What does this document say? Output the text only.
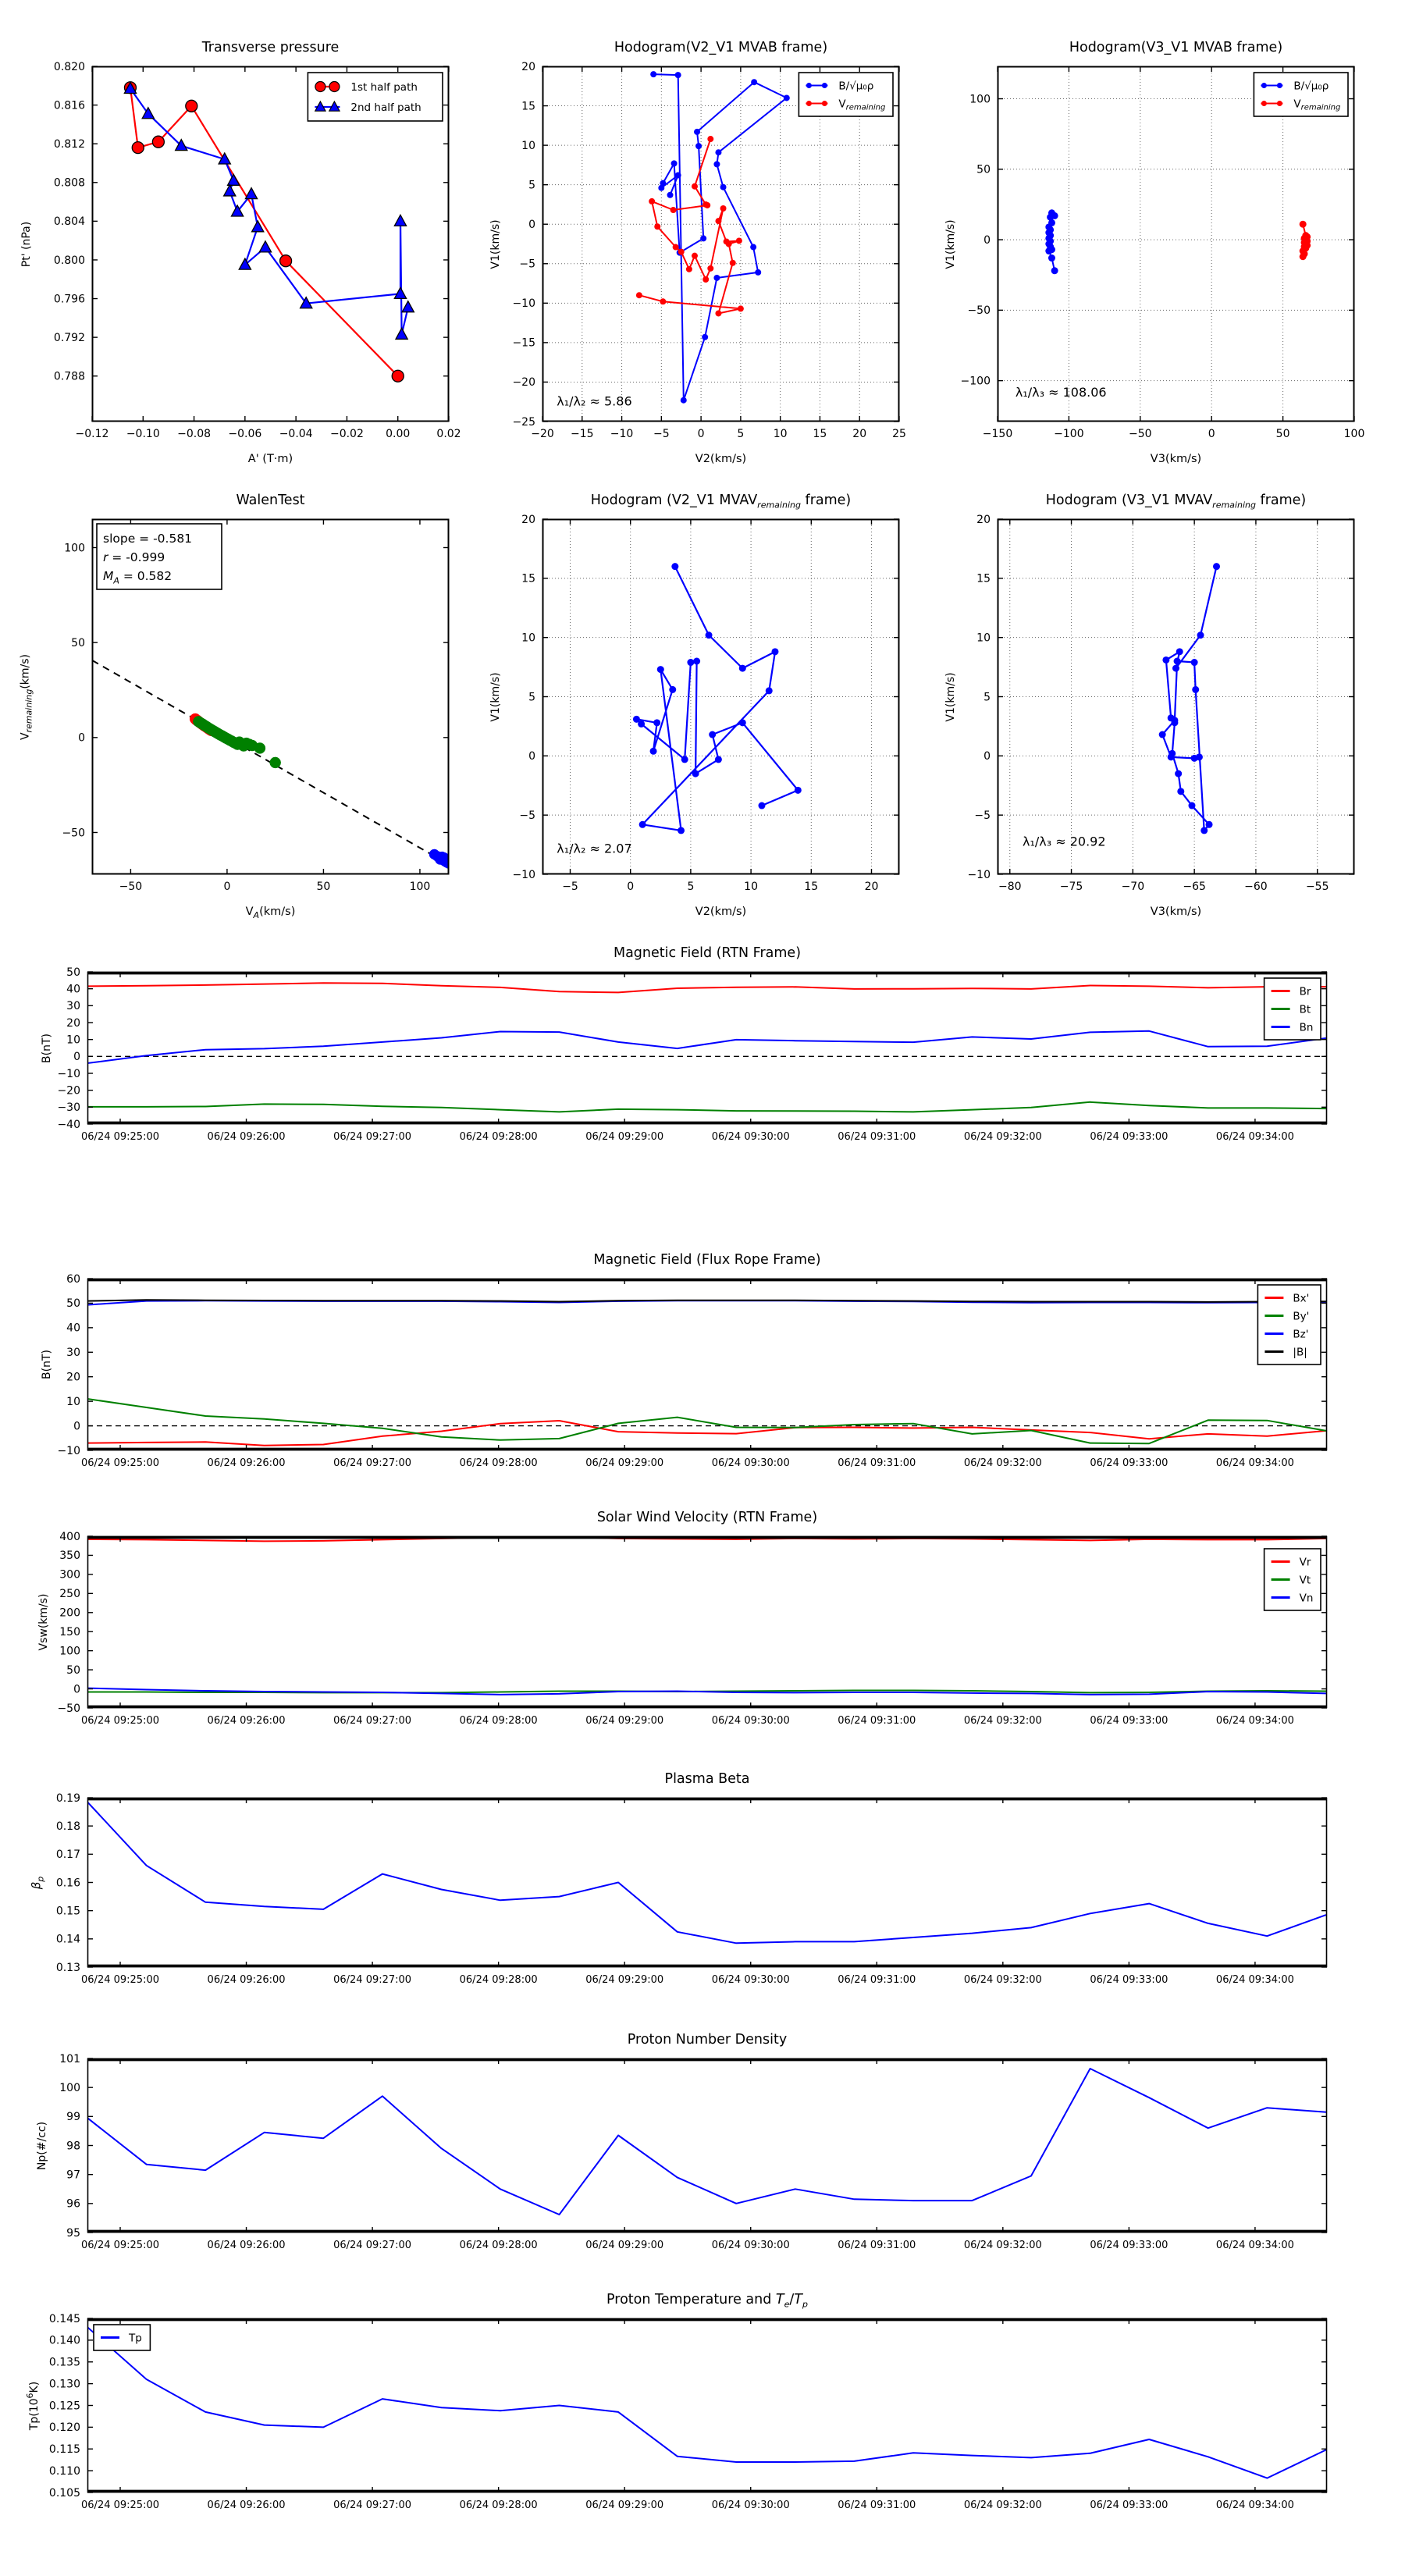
Transverse pressure
Pt' (nPa)
A' (T·m)
−0.12 −0.10 −0.08 −0.06 −0.04 −0.02 0.00 0.02
0.788
0.792
0.796
0.800
0.804
0.808
0.812
0.816
0.820
1st half path
2nd half path
Hodogram(V2_V1 MVAB frame)
V1(km/s)
V2(km/s)
−20 −15 −10 −5	0	5	10 15 20 25
−25
−20
−15
−10
−5
0
5
10
15
20
B/√μ₀ρ
$V_{remaining}$
λ₁/λ₂ ≈ 5.86
Hodogram(V3_V1 MVAB frame)
V1(km/s)
V3(km/s)
−150	−100	−50	0	50	100
−100
−50
0
50
100
B/√μ₀ρ
$V_{remaining}$
λ₁/λ₃ ≈ 108.06
WalenTest
$V_{remaining}(km/s)$
$V_A(km/s)$
−50	0	50	100
−50
0
50
100
slope = -0.581
r = -0.999
$M_A = 0.582$
Hodogram (V2_V1 $MVAV_{remaining}$ frame)
V1(km/s)
V2(km/s)
−5	0	5	10	15	20
−10
−5
0
5
10
15
20
λ₁/λ₂ ≈ 2.07
Hodogram (V3_V1 $MVAV_{remaining}$ frame)
V1(km/s)
V3(km/s)
−80	−75	−70	−65	−60	−55
−10
−5
0
5
10
15
20
λ₁/λ₃ ≈ 20.92
Magnetic Field (RTN Frame)
B(nT)
06/24 09:25:00	06/24 09:26:00	06/24 09:27:00	06/24 09:28:00	06/24 09:29:00	06/24 09:30:00	06/24 09:31:00	06/24 09:32:00	06/24 09:33:00	06/24 09:34:00
−40
−30
−20
−10
0
10
20
30
40
50
Br
Bt
Bn
Magnetic Field (Flux Rope Frame)
B(nT)
06/24 09:25:00	06/24 09:26:00	06/24 09:27:00	06/24 09:28:00	06/24 09:29:00	06/24 09:30:00	06/24 09:31:00	06/24 09:32:00	06/24 09:33:00	06/24 09:34:00
−10
0
10
20
30
40
50
60
Bx'
By'
Bz'
|B|
Solar Wind Velocity (RTN Frame)
Vsw(km/s)
06/24 09:25:00	06/24 09:26:00	06/24 09:27:00	06/24 09:28:00	06/24 09:29:00	06/24 09:30:00	06/24 09:31:00	06/24 09:32:00	06/24 09:33:00	06/24 09:34:00
−50
0
50
100
150
200
250
300
350
400
Vr
Vt
Vn
Plasma Beta
$\beta_p$
06/24 09:25:00	06/24 09:26:00	06/24 09:27:00	06/24 09:28:00	06/24 09:29:00	06/24 09:30:00	06/24 09:31:00	06/24 09:32:00	06/24 09:33:00	06/24 09:34:00
0.13
0.14
0.15
0.16
0.17
0.18
0.19
Proton Number Density
Np(#/cc)
06/24 09:25:00	06/24 09:26:00	06/24 09:27:00	06/24 09:28:00	06/24 09:29:00	06/24 09:30:00	06/24 09:31:00	06/24 09:32:00	06/24 09:33:00	06/24 09:34:00
95
96
97
98
99
100
101
Proton Temperature and $T_e/T_p$
$Tp(10^6K)$
06/24 09:25:00	06/24 09:26:00	06/24 09:27:00	06/24 09:28:00	06/24 09:29:00	06/24 09:30:00	06/24 09:31:00	06/24 09:32:00	06/24 09:33:00	06/24 09:34:00
0.105
0.110
0.115
0.120
0.125
0.130
0.135
0.140
0.145
Tp
